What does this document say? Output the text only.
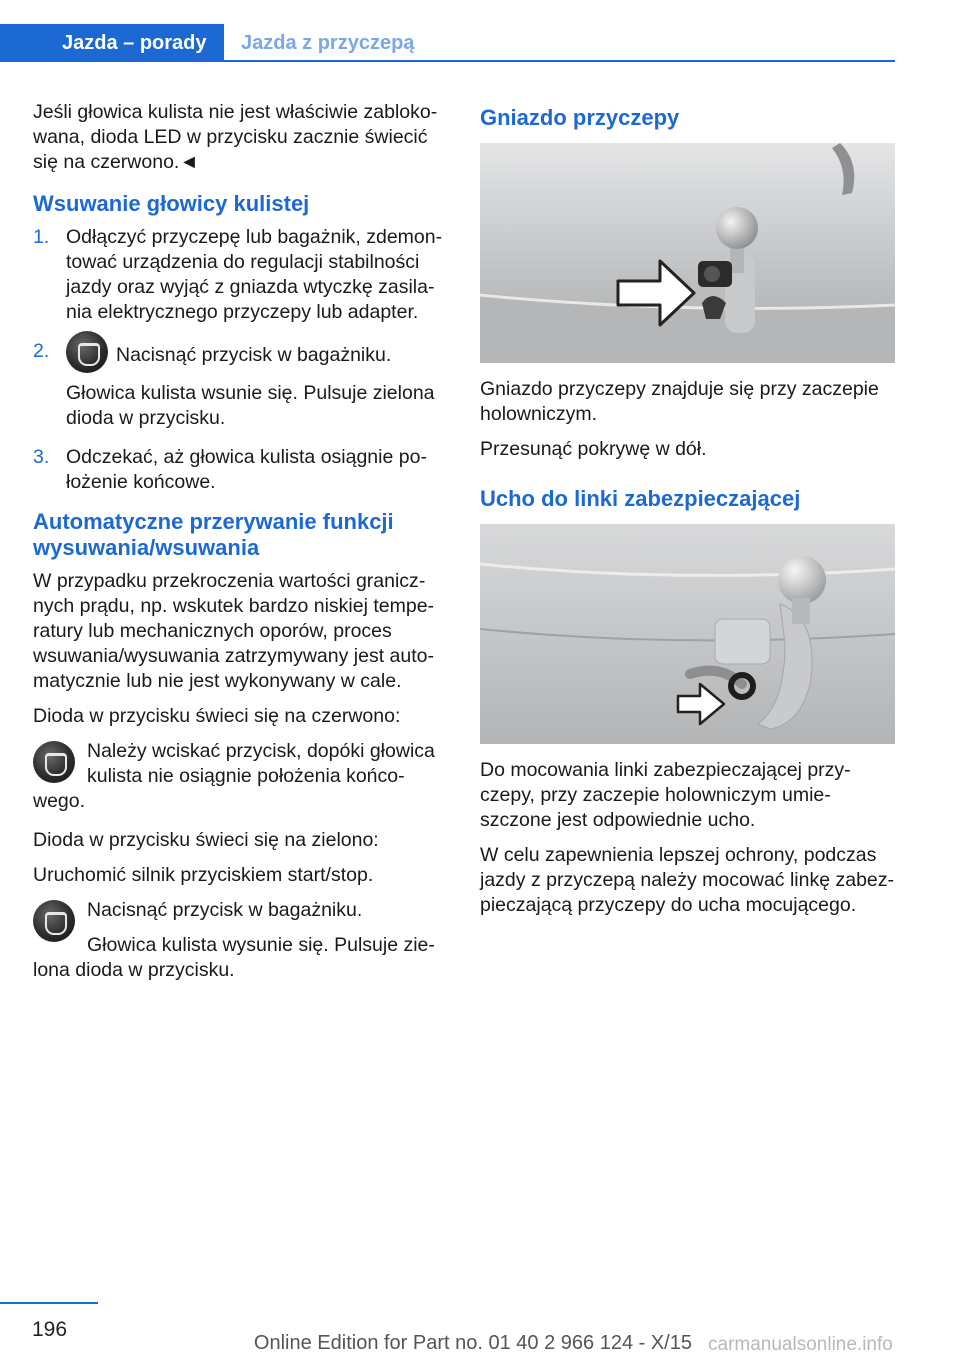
Jazda – porady	Jazda z przyczepą

Jeśli głowica kulista nie jest właściwie zablokowana, dioda LED w przycisku zacznie świecić się na czerwono.◄

Wsuwanie głowicy kulistej
1. Odłączyć przyczepę lub bagażnik, zdemontować urządzenia do regulacji stabilności jazdy oraz wyjąć z gniazda wtyczkę zasilania elektrycznego przyczepy lub adapter.

2.	Nacisnąć przycisk w bagażniku.

Głowica kulista wsunie się. Pulsuje zielona dioda w przycisku.

3. Odczekać, aż głowica kulista osiągnie położenie końcowe.

Automatyczne przerywanie funkcji wysuwania/wsuwania

W przypadku przekroczenia wartości granicznych prądu, np. wskutek bardzo niskiej temperatury lub mechanicznych oporów, proces wsuwania/wysuwania zatrzymywany jest automatycznie lub nie jest wykonywany w cale.

Dioda w przycisku świeci się na czerwono:

Należy wciskać przycisk, dopóki głowica kulista nie osiągnie położenia końcowego.

Dioda w przycisku świeci się na zielono:

Uruchomić silnik przyciskiem start/stop.

Nacisnąć przycisk w bagażniku.

Głowica kulista wysunie się. Pulsuje zielona dioda w przycisku.

Gniazdo przyczepy

Gniazdo przyczepy znajduje się przy zaczepie holowniczym.

Przesunąć pokrywę w dół.

Ucho do linki zabezpieczającej

Do mocowania linki zabezpieczającej przyczepy, przy zaczepie holowniczym umieszczone jest odpowiednie ucho.

W celu zapewnienia lepszej ochrony, podczas jazdy z przyczepą należy mocować linkę zabezpieczającą przyczepy do ucha mocującego.

196
Online Edition for Part no. 01 40 2 966 124 - X/15 carmanualsonline.info
